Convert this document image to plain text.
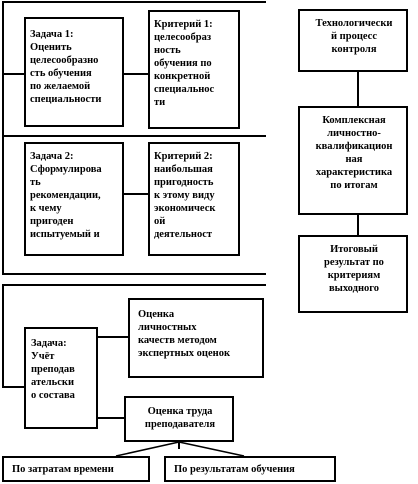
Задача 1:
Оценить
целесообразно
сть обучения
по желаемой
специальности
Критерий 1:
целесообраз
ность
обучения по
конкретной
специальнос
ти
Задача 2:
Сформулирова
ть
рекомендации,
к чему
пригоден
испытуемый и
Критерий 2:
наибольшая
пригодность
к этому виду
экономическ
ой
деятельност
Технологически
й процесс
контроля
Комплексная
личностно-
квалификацион
ная
характеристика
по итогам
Итоговый
результат по
критериям
выходного
Задача:
Учёт
преподав
ательски
о состава
Оценка
личностных
качеств методом
экспертных оценок
Оценка труда
преподавателя
По затратам времени	По результатам обучения
